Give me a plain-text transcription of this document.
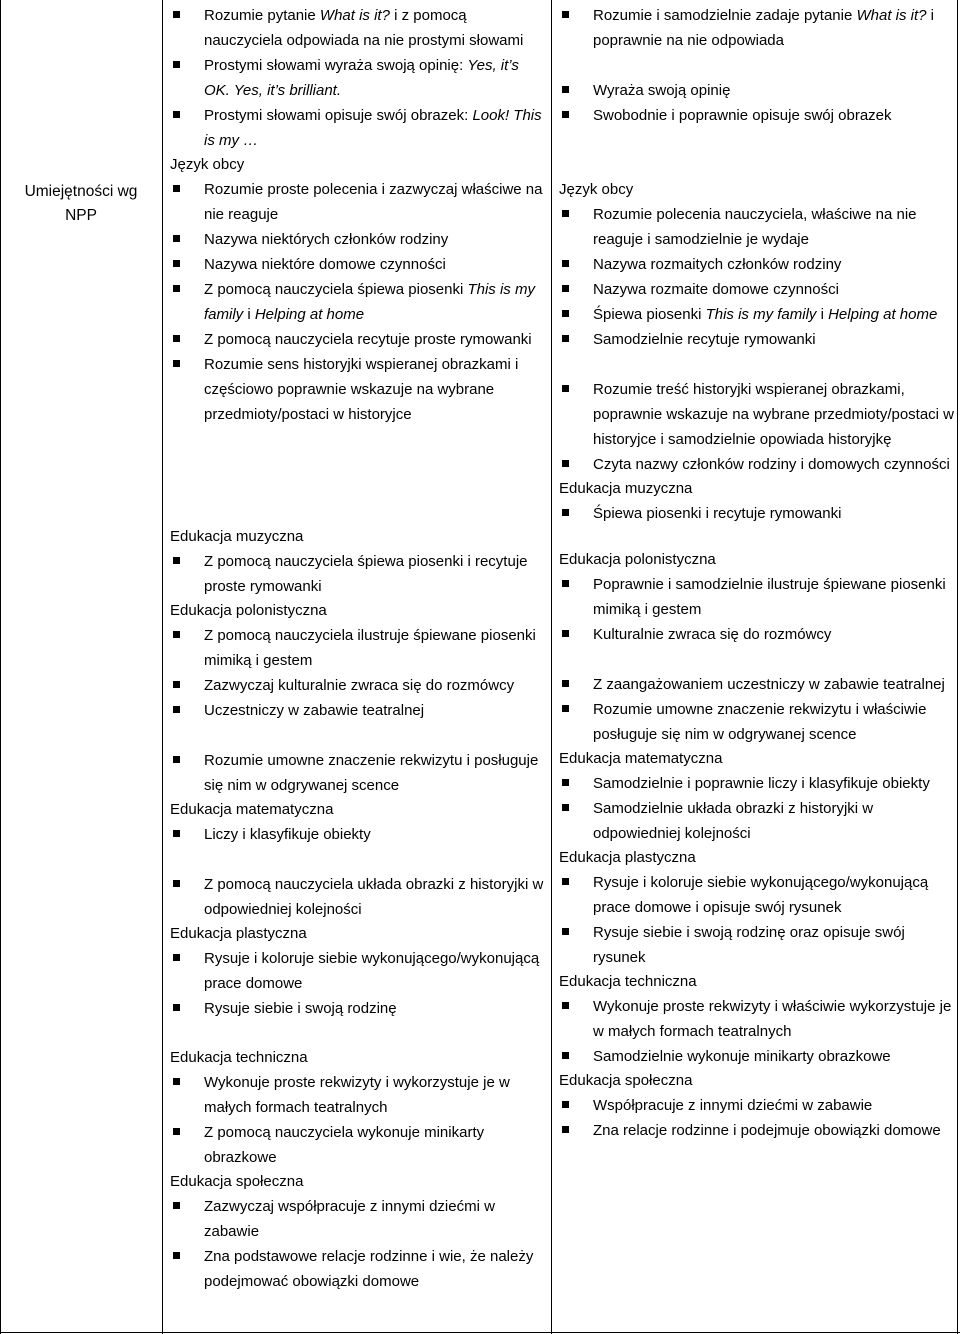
Umiejętności wg
NPP
Rozumie pytanie What is it? i z pomocą nauczyciela odpowiada na nie prostymi słowami
Prostymi słowami wyraża swoją opinię: Yes, it’s OK. Yes, it’s brilliant.
Prostymi słowami opisuje swój obrazek: Look! This is my …
Język obcy
Rozumie proste polecenia i zazwyczaj właściwe na nie reaguje
Nazywa niektórych członków rodziny
Nazywa niektóre domowe czynności
Z pomocą nauczyciela śpiewa piosenki This is my family i Helping at home
Z pomocą nauczyciela recytuje proste rymowanki
Rozumie sens historyjki wspieranej obrazkami i częściowo poprawnie wskazuje na wybrane przedmioty/postaci w historyjce
Edukacja muzyczna
Z pomocą nauczyciela śpiewa piosenki i recytuje proste rymowanki
Edukacja polonistyczna
Z pomocą nauczyciela ilustruje śpiewane piosenki mimiką i gestem
Zazwyczaj kulturalnie zwraca się do rozmówcy
Uczestniczy w zabawie teatralnej
Rozumie umowne znaczenie rekwizytu i posługuje się nim w odgrywanej scence
Edukacja matematyczna
Liczy i klasyfikuje obiekty
Z pomocą nauczyciela układa obrazki z historyjki w odpowiedniej kolejności
Edukacja plastyczna
Rysuje i koloruje siebie wykonującego/wykonującą prace domowe
Rysuje siebie i swoją rodzinę
Edukacja techniczna
Wykonuje proste rekwizyty i wykorzystuje je w małych formach teatralnych
Z pomocą nauczyciela wykonuje minikarty obrazkowe
Edukacja społeczna
Zazwyczaj współpracuje z innymi dziećmi w zabawie
Zna podstawowe relacje rodzinne i wie, że należy podejmować obowiązki domowe
Rozumie i samodzielnie zadaje pytanie What is it? i poprawnie na nie odpowiada
Wyraża swoją opinię
Swobodnie i poprawnie opisuje swój obrazek
Język obcy
Rozumie polecenia nauczyciela, właściwe na nie reaguje i samodzielnie je wydaje
Nazywa rozmaitych członków rodziny
Nazywa rozmaite domowe czynności
Śpiewa piosenki This is my family i Helping at home
Samodzielnie recytuje rymowanki
Rozumie treść historyjki wspieranej obrazkami, poprawnie wskazuje na wybrane przedmioty/postaci w historyjce i samodzielnie opowiada historyjkę
Czyta nazwy członków rodziny i domowych czynności
Edukacja muzyczna
Śpiewa piosenki i recytuje rymowanki
Edukacja polonistyczna
Poprawnie i samodzielnie ilustruje śpiewane piosenki mimiką i gestem
Kulturalnie zwraca się do rozmówcy
Z zaangażowaniem uczestniczy w zabawie teatralnej
Rozumie umowne znaczenie rekwizytu i właściwie posługuje się nim w odgrywanej scence
Edukacja matematyczna
Samodzielnie i poprawnie liczy i klasyfikuje obiekty
Samodzielnie układa obrazki z historyjki w odpowiedniej kolejności
Edukacja plastyczna
Rysuje i koloruje siebie wykonującego/wykonującą prace domowe i opisuje swój rysunek
Rysuje siebie i swoją rodzinę oraz opisuje swój rysunek
Edukacja techniczna
Wykonuje proste rekwizyty i właściwie wykorzystuje je w małych formach teatralnych
Samodzielnie wykonuje minikarty obrazkowe
Edukacja społeczna
Współpracuje z innymi dziećmi w zabawie
Zna relacje rodzinne i podejmuje obowiązki domowe
